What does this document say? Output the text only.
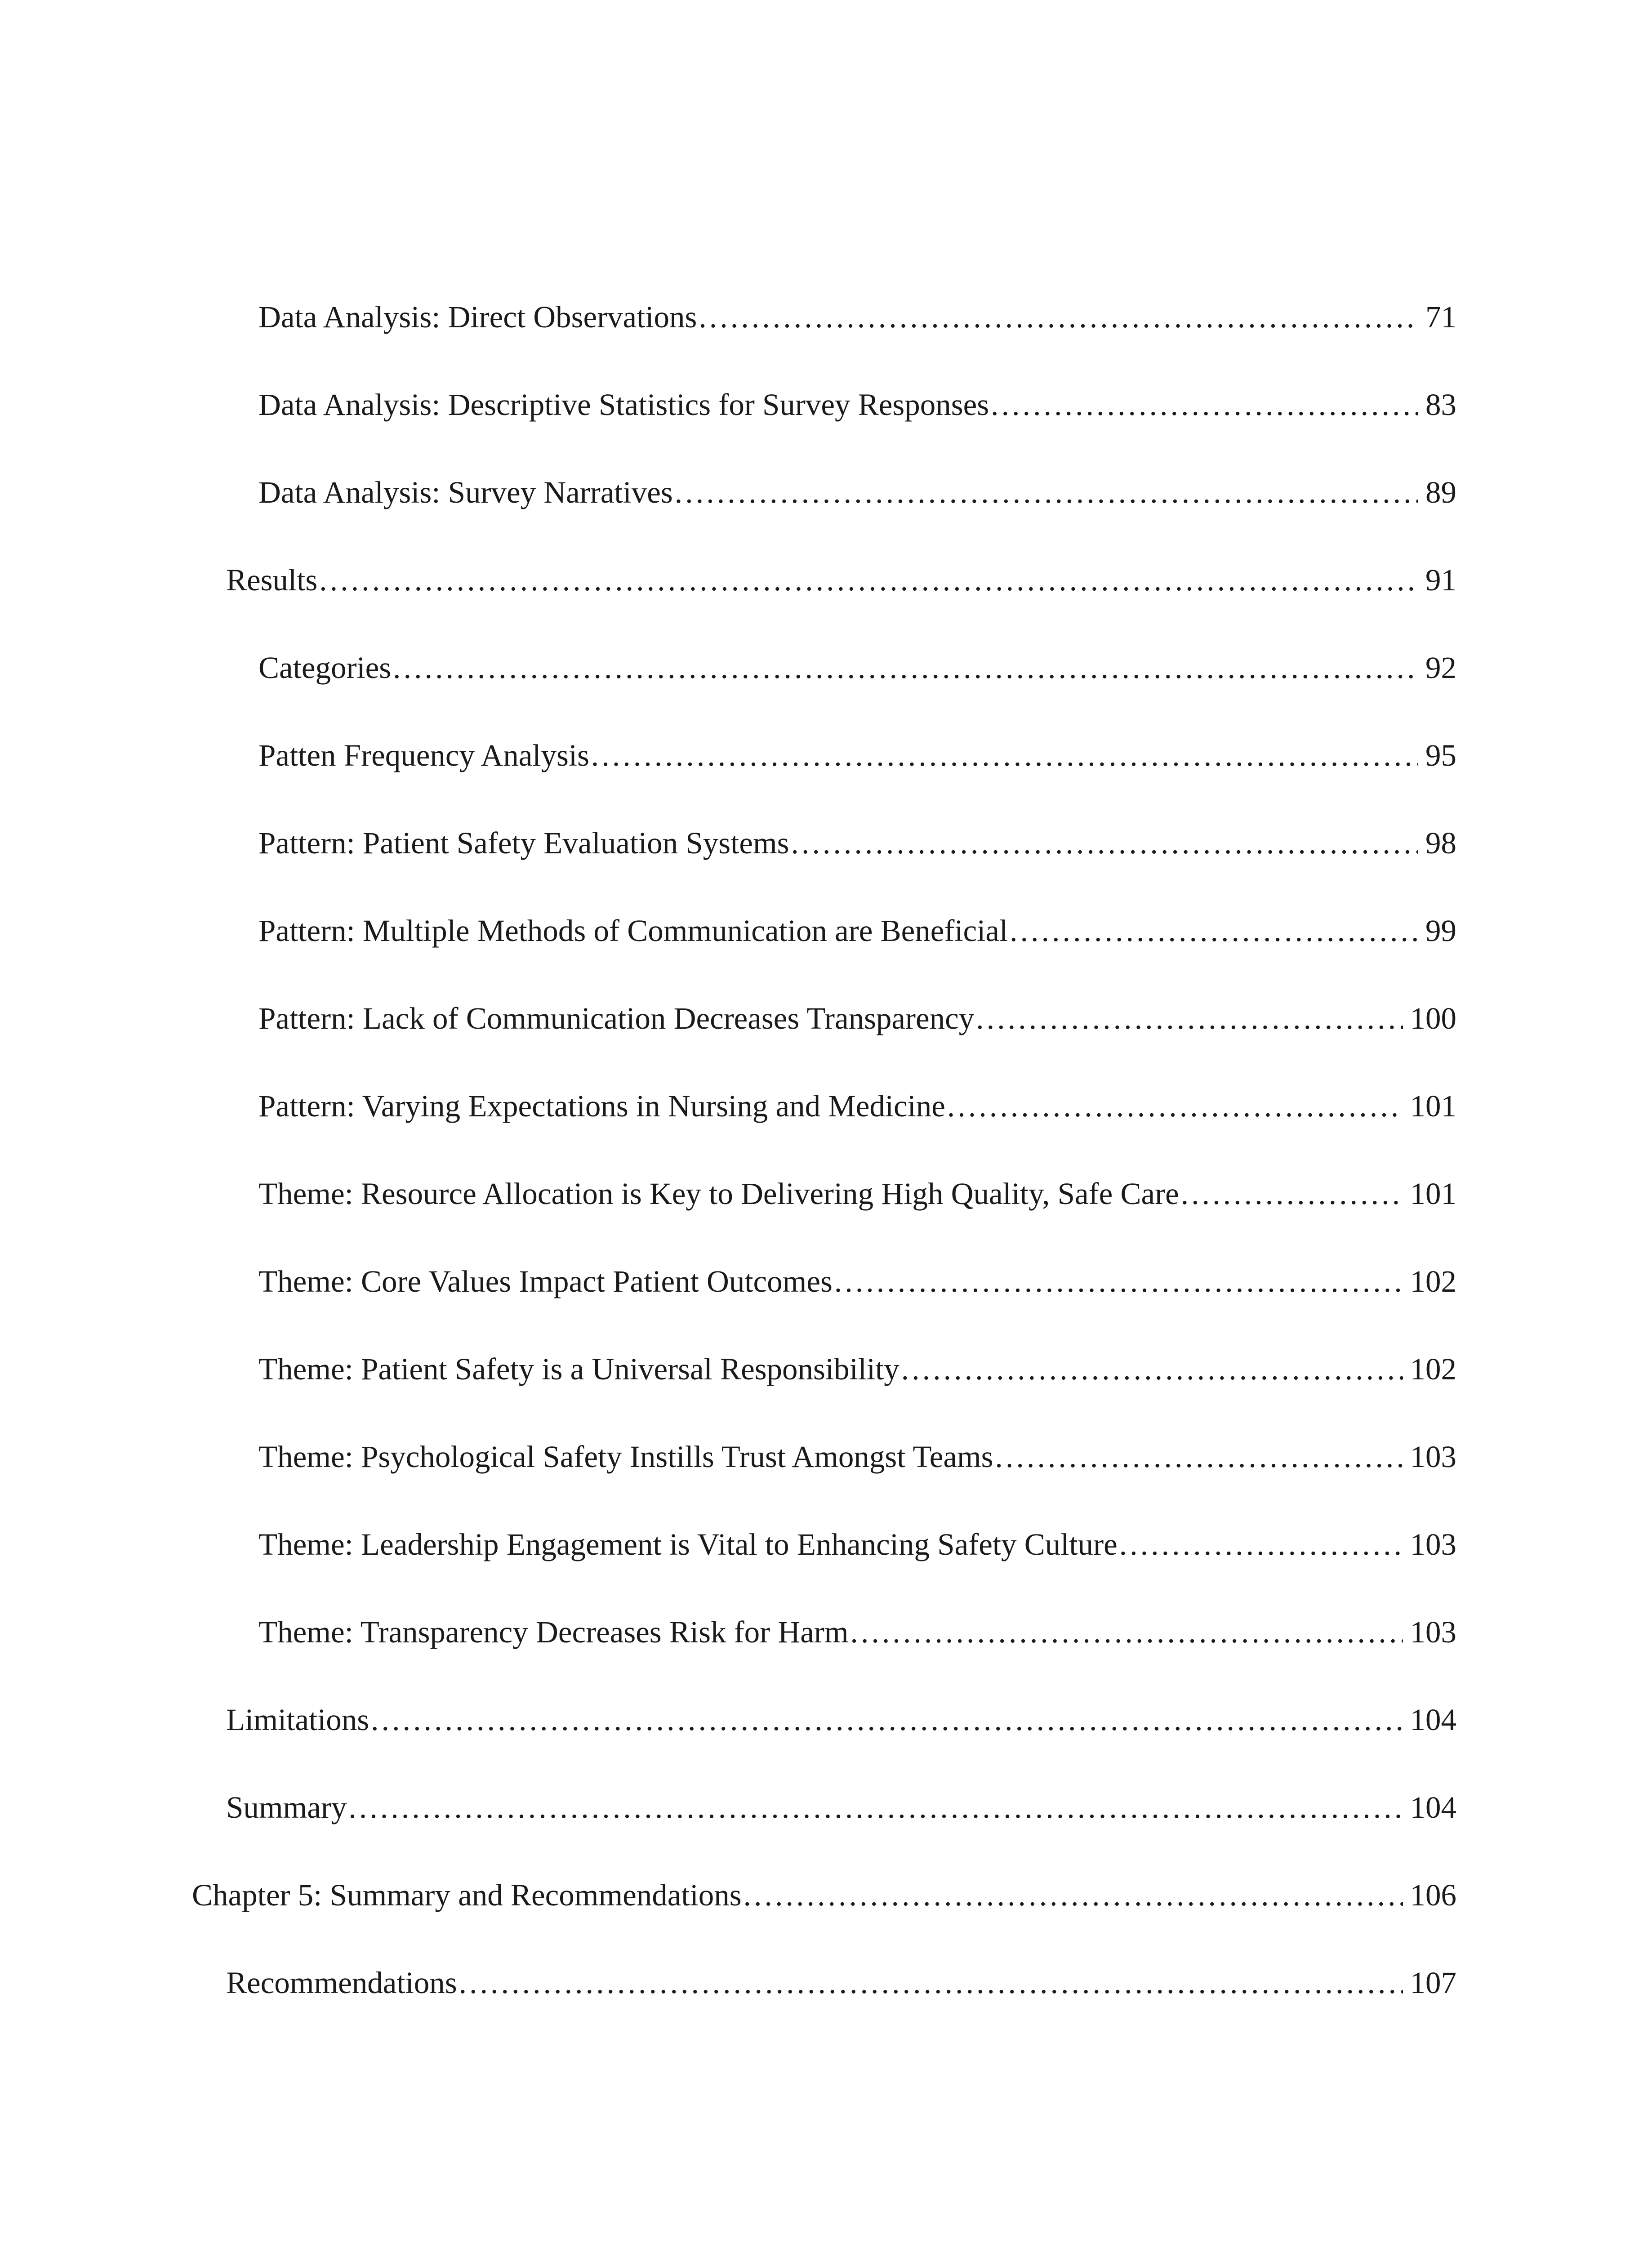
Data Analysis: Direct Observations . . .	71
Data Analysis: Descriptive Statistics for Survey Responses . . .	83
Data Analysis: Survey Narratives . . .	89
Results . . .	91
Categories . . .	92
Patten Frequency Analysis . . .	95
Pattern: Patient Safety Evaluation Systems . . .	98
Pattern: Multiple Methods of Communication are Beneficial . . .	99
Pattern: Lack of Communication Decreases Transparency . . .	100
Pattern: Varying Expectations in Nursing and Medicine . . .	101
Theme: Resource Allocation is Key to Delivering High Quality, Safe Care . . .	101
Theme: Core Values Impact Patient Outcomes . . .	102
Theme: Patient Safety is a Universal Responsibility . . .	102
Theme: Psychological Safety Instills Trust Amongst Teams . . .	103
Theme: Leadership Engagement is Vital to Enhancing Safety Culture . . .	103
Theme: Transparency Decreases Risk for Harm . . .	103
Limitations . . .	104
Summary . . .	104
Chapter 5: Summary and Recommendations . . .	106
Recommendations . . .	107
